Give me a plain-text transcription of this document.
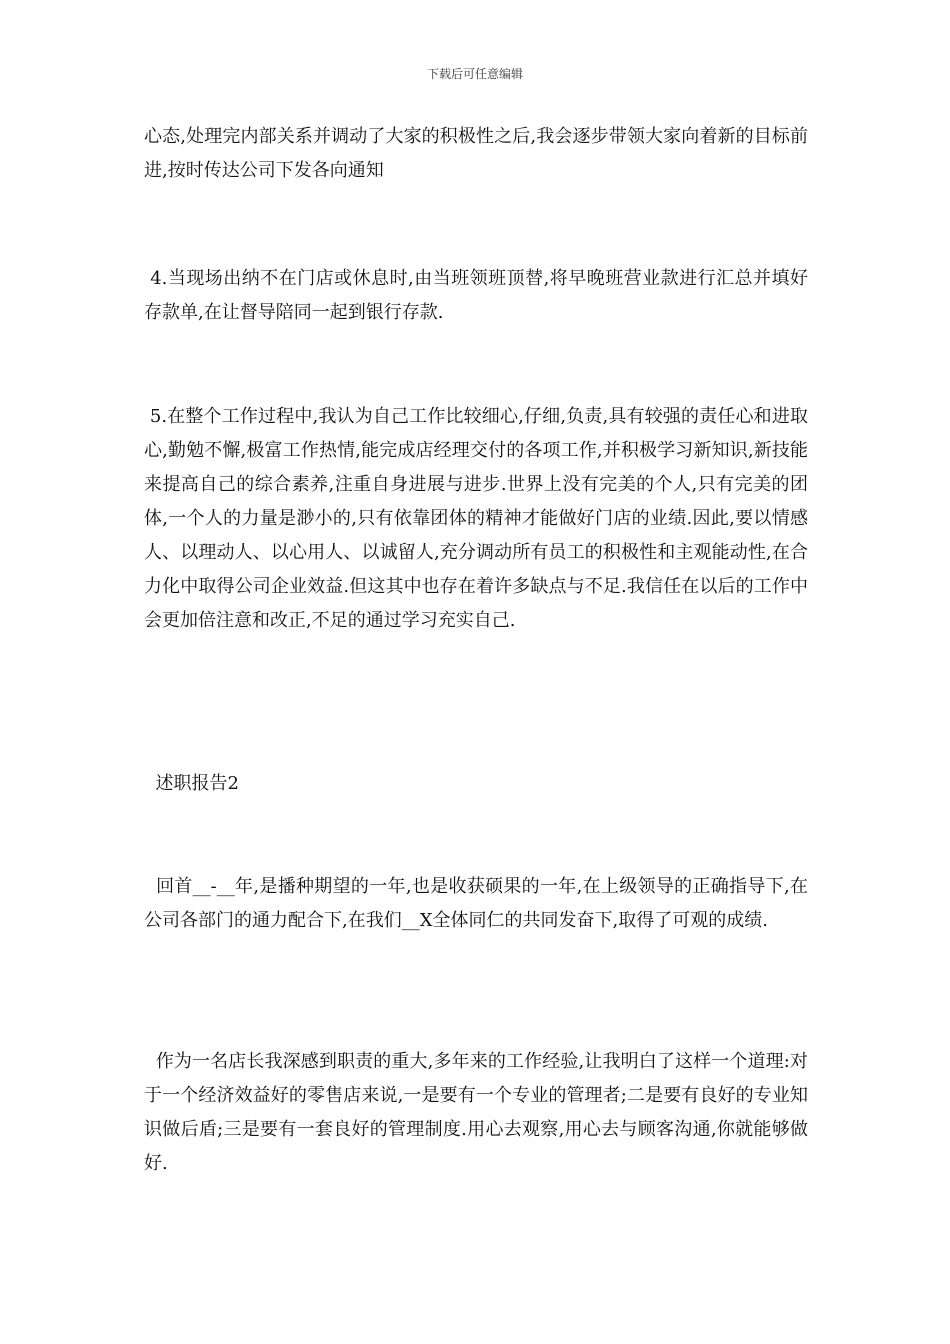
下载后可任意编辑

心态,处理完内部关系并调动了大家的积极性之后,我会逐步带领大家向着新的目标前进,按时传达公司下发各向通知

4.当现场出纳不在门店或休息时,由当班领班顶替,将早晚班营业款进行汇总并填好存款单,在让督导陪同一起到银行存款.

5.在整个工作过程中,我认为自己工作比较细心,仔细,负责,具有较强的责任心和进取心,勤勉不懈,极富工作热情,能完成店经理交付的各项工作,并积极学习新知识,新技能来提高自己的综合素养,注重自身进展与进步.世界上没有完美的个人,只有完美的团体,一个人的力量是渺小的,只有依靠团体的精神才能做好门店的业绩.因此,要以情感人、以理动人、以心用人、以诚留人,充分调动所有员工的积极性和主观能动性,在合力化中取得公司企业效益.但这其中也存在着许多缺点与不足.我信任在以后的工作中会更加倍注意和改正,不足的通过学习充实自己.

述职报告2

回首__-__年,是播种期望的一年,也是收获硕果的一年,在上级领导的正确指导下,在公司各部门的通力配合下,在我们__X全体同仁的共同发奋下,取得了可观的成绩.

作为一名店长我深感到职责的重大,多年来的工作经验,让我明白了这样一个道理:对于一个经济效益好的零售店来说,一是要有一个专业的管理者;二是要有良好的专业知识做后盾;三是要有一套良好的管理制度.用心去观察,用心去与顾客沟通,你就能够做好.
